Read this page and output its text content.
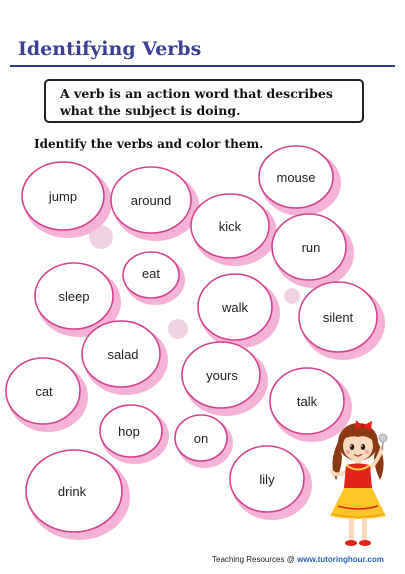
Identifying Verbs
A verb is an action word that describes what the subject is doing.
Identify the verbs and color them.
mouse
jump	around
kick
run
eat
sleep
walk
silent
salad
yours
cat
talk
hop	on
lily
drink
Teaching Resources @ www.tutoringhour.com
